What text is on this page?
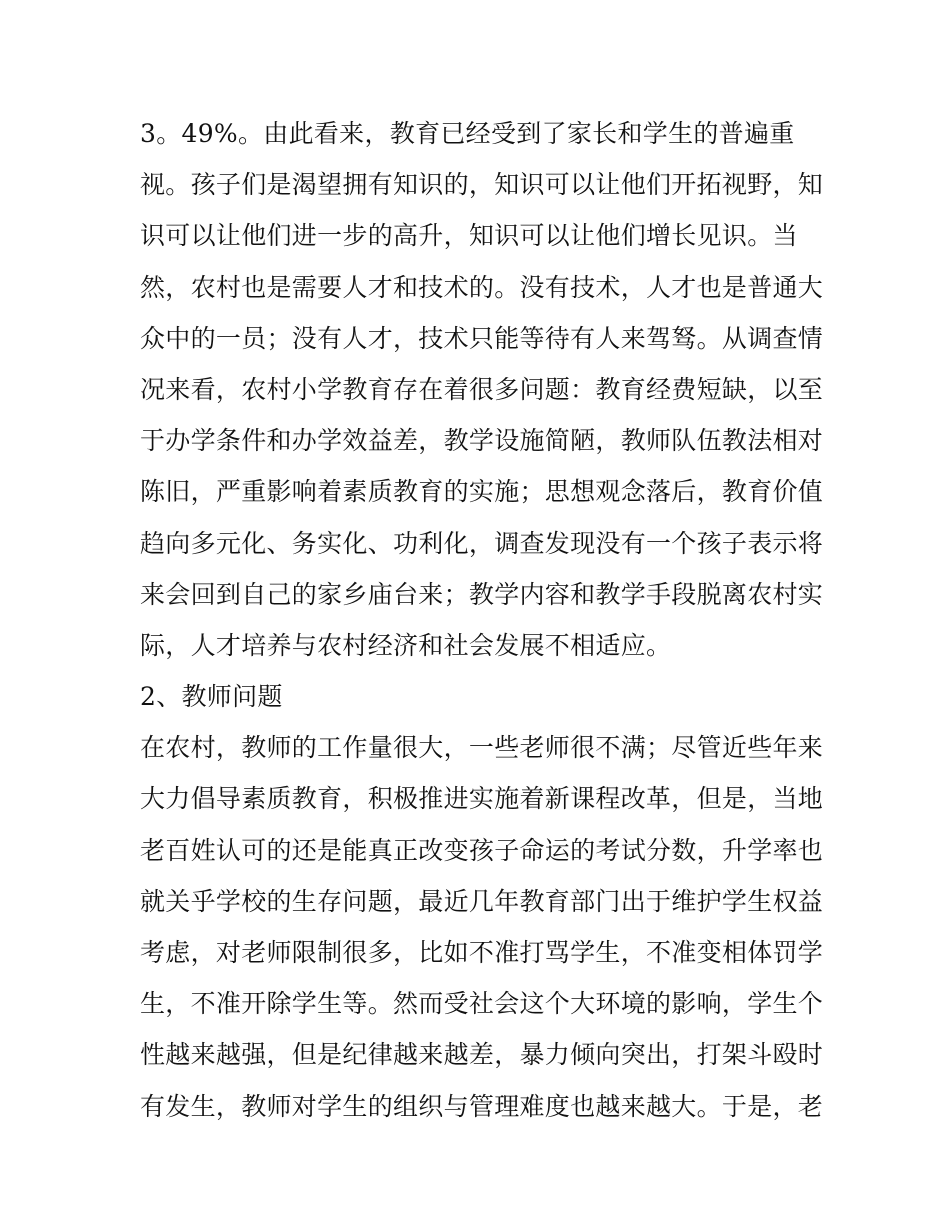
3。49%。由此看来，教育已经受到了家长和学生的普遍重
视。孩子们是渴望拥有知识的，知识可以让他们开拓视野，知
识可以让他们进一步的高升，知识可以让他们增长见识。当
然，农村也是需要人才和技术的。没有技术，人才也是普通大
众中的一员；没有人才，技术只能等待有人来驾驽。从调查情
况来看，农村小学教育存在着很多问题：教育经费短缺，以至
于办学条件和办学效益差，教学设施简陋，教师队伍教法相对
陈旧，严重影响着素质教育的实施；思想观念落后，教育价值
趋向多元化、务实化、功利化，调查发现没有一个孩子表示将
来会回到自己的家乡庙台来；教学内容和教学手段脱离农村实
际，人才培养与农村经济和社会发展不相适应。
2、教师问题
在农村，教师的工作量很大，一些老师很不满；尽管近些年来
大力倡导素质教育，积极推进实施着新课程改革，但是，当地
老百姓认可的还是能真正改变孩子命运的考试分数，升学率也
就关乎学校的生存问题，最近几年教育部门出于维护学生权益
考虑，对老师限制很多，比如不准打骂学生，不准变相体罚学
生，不准开除学生等。然而受社会这个大环境的影响，学生个
性越来越强，但是纪律越来越差，暴力倾向突出，打架斗殴时
有发生，教师对学生的组织与管理难度也越来越大。于是，老
